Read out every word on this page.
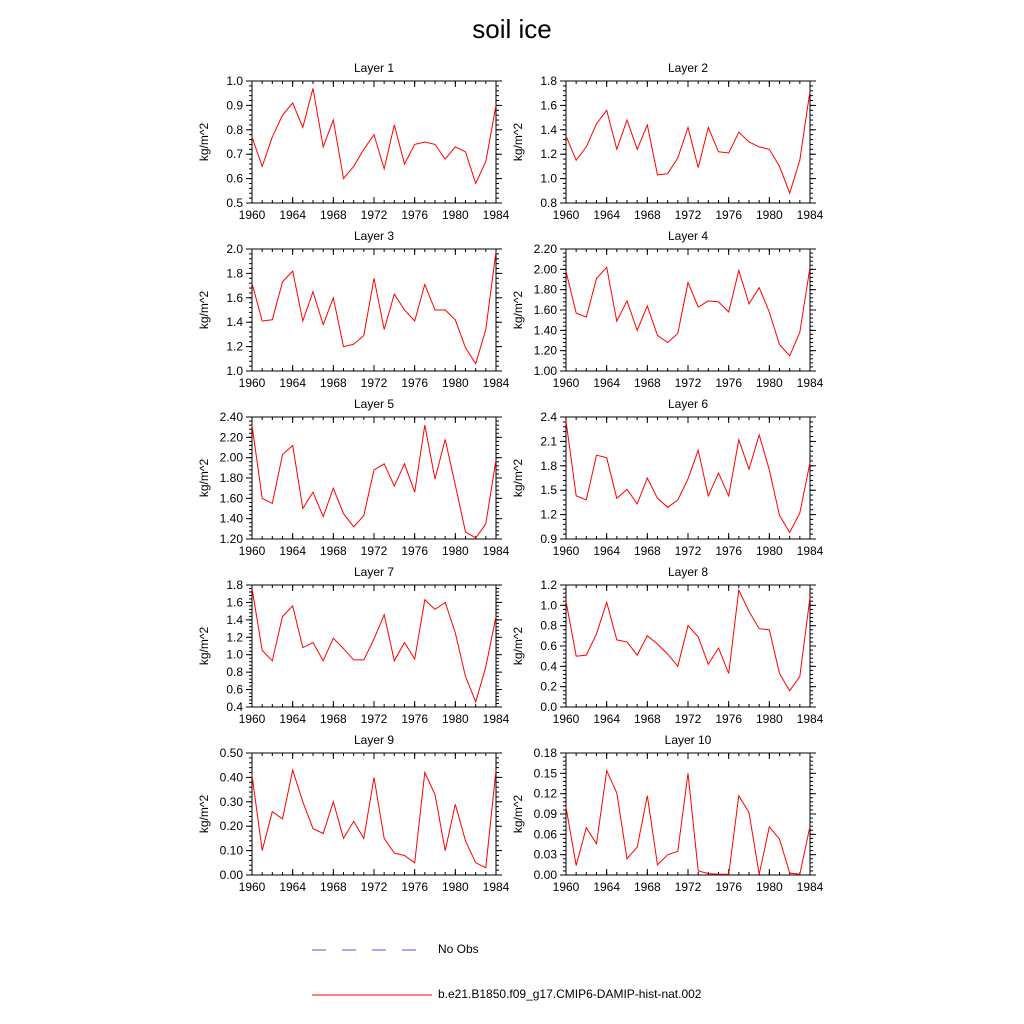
soil ice
1960 1964 1968 1972 1976 1980 1984
0.5
0.6
0.7
0.8
0.9
1.0
Layer 1
kg/m^2
1960 1964 1968 1972 1976 1980 1984
0.8
1.0
1.2
1.4
1.6
1.8
Layer 2
kg/m^2
1960 1964 1968 1972 1976 1980 1984
1.0
1.2
1.4
1.6
1.8
2.0
Layer 3
kg/m^2
1960 1964 1968 1972 1976 1980 1984
1.00
1.20
1.40
1.60
1.80
2.00
2.20
Layer 4
kg/m^2
1960 1964 1968 1972 1976 1980 1984
1.20
1.40
1.60
1.80
2.00
2.20
2.40
Layer 5
kg/m^2
1960 1964 1968 1972 1976 1980 1984
0.9
1.2
1.5
1.8
2.1
2.4
Layer 6
kg/m^2
1960 1964 1968 1972 1976 1980 1984
0.4
0.6
0.8
1.0
1.2
1.4
1.6
1.8
Layer 7
kg/m^2
1960 1964 1968 1972 1976 1980 1984
0.0
0.2
0.4
0.6
0.8
1.0
1.2
Layer 8
kg/m^2
1960 1964 1968 1972 1976 1980 1984
0.00
0.10
0.20
0.30
0.40
0.50
Layer 9
kg/m^2
1960 1964 1968 1972 1976 1980 1984
0.00
0.03
0.06
0.09
0.12
0.15
0.18
Layer 10
kg/m^2
No Obs
b.e21.B1850.f09_g17.CMIP6-DAMIP-hist-nat.002
